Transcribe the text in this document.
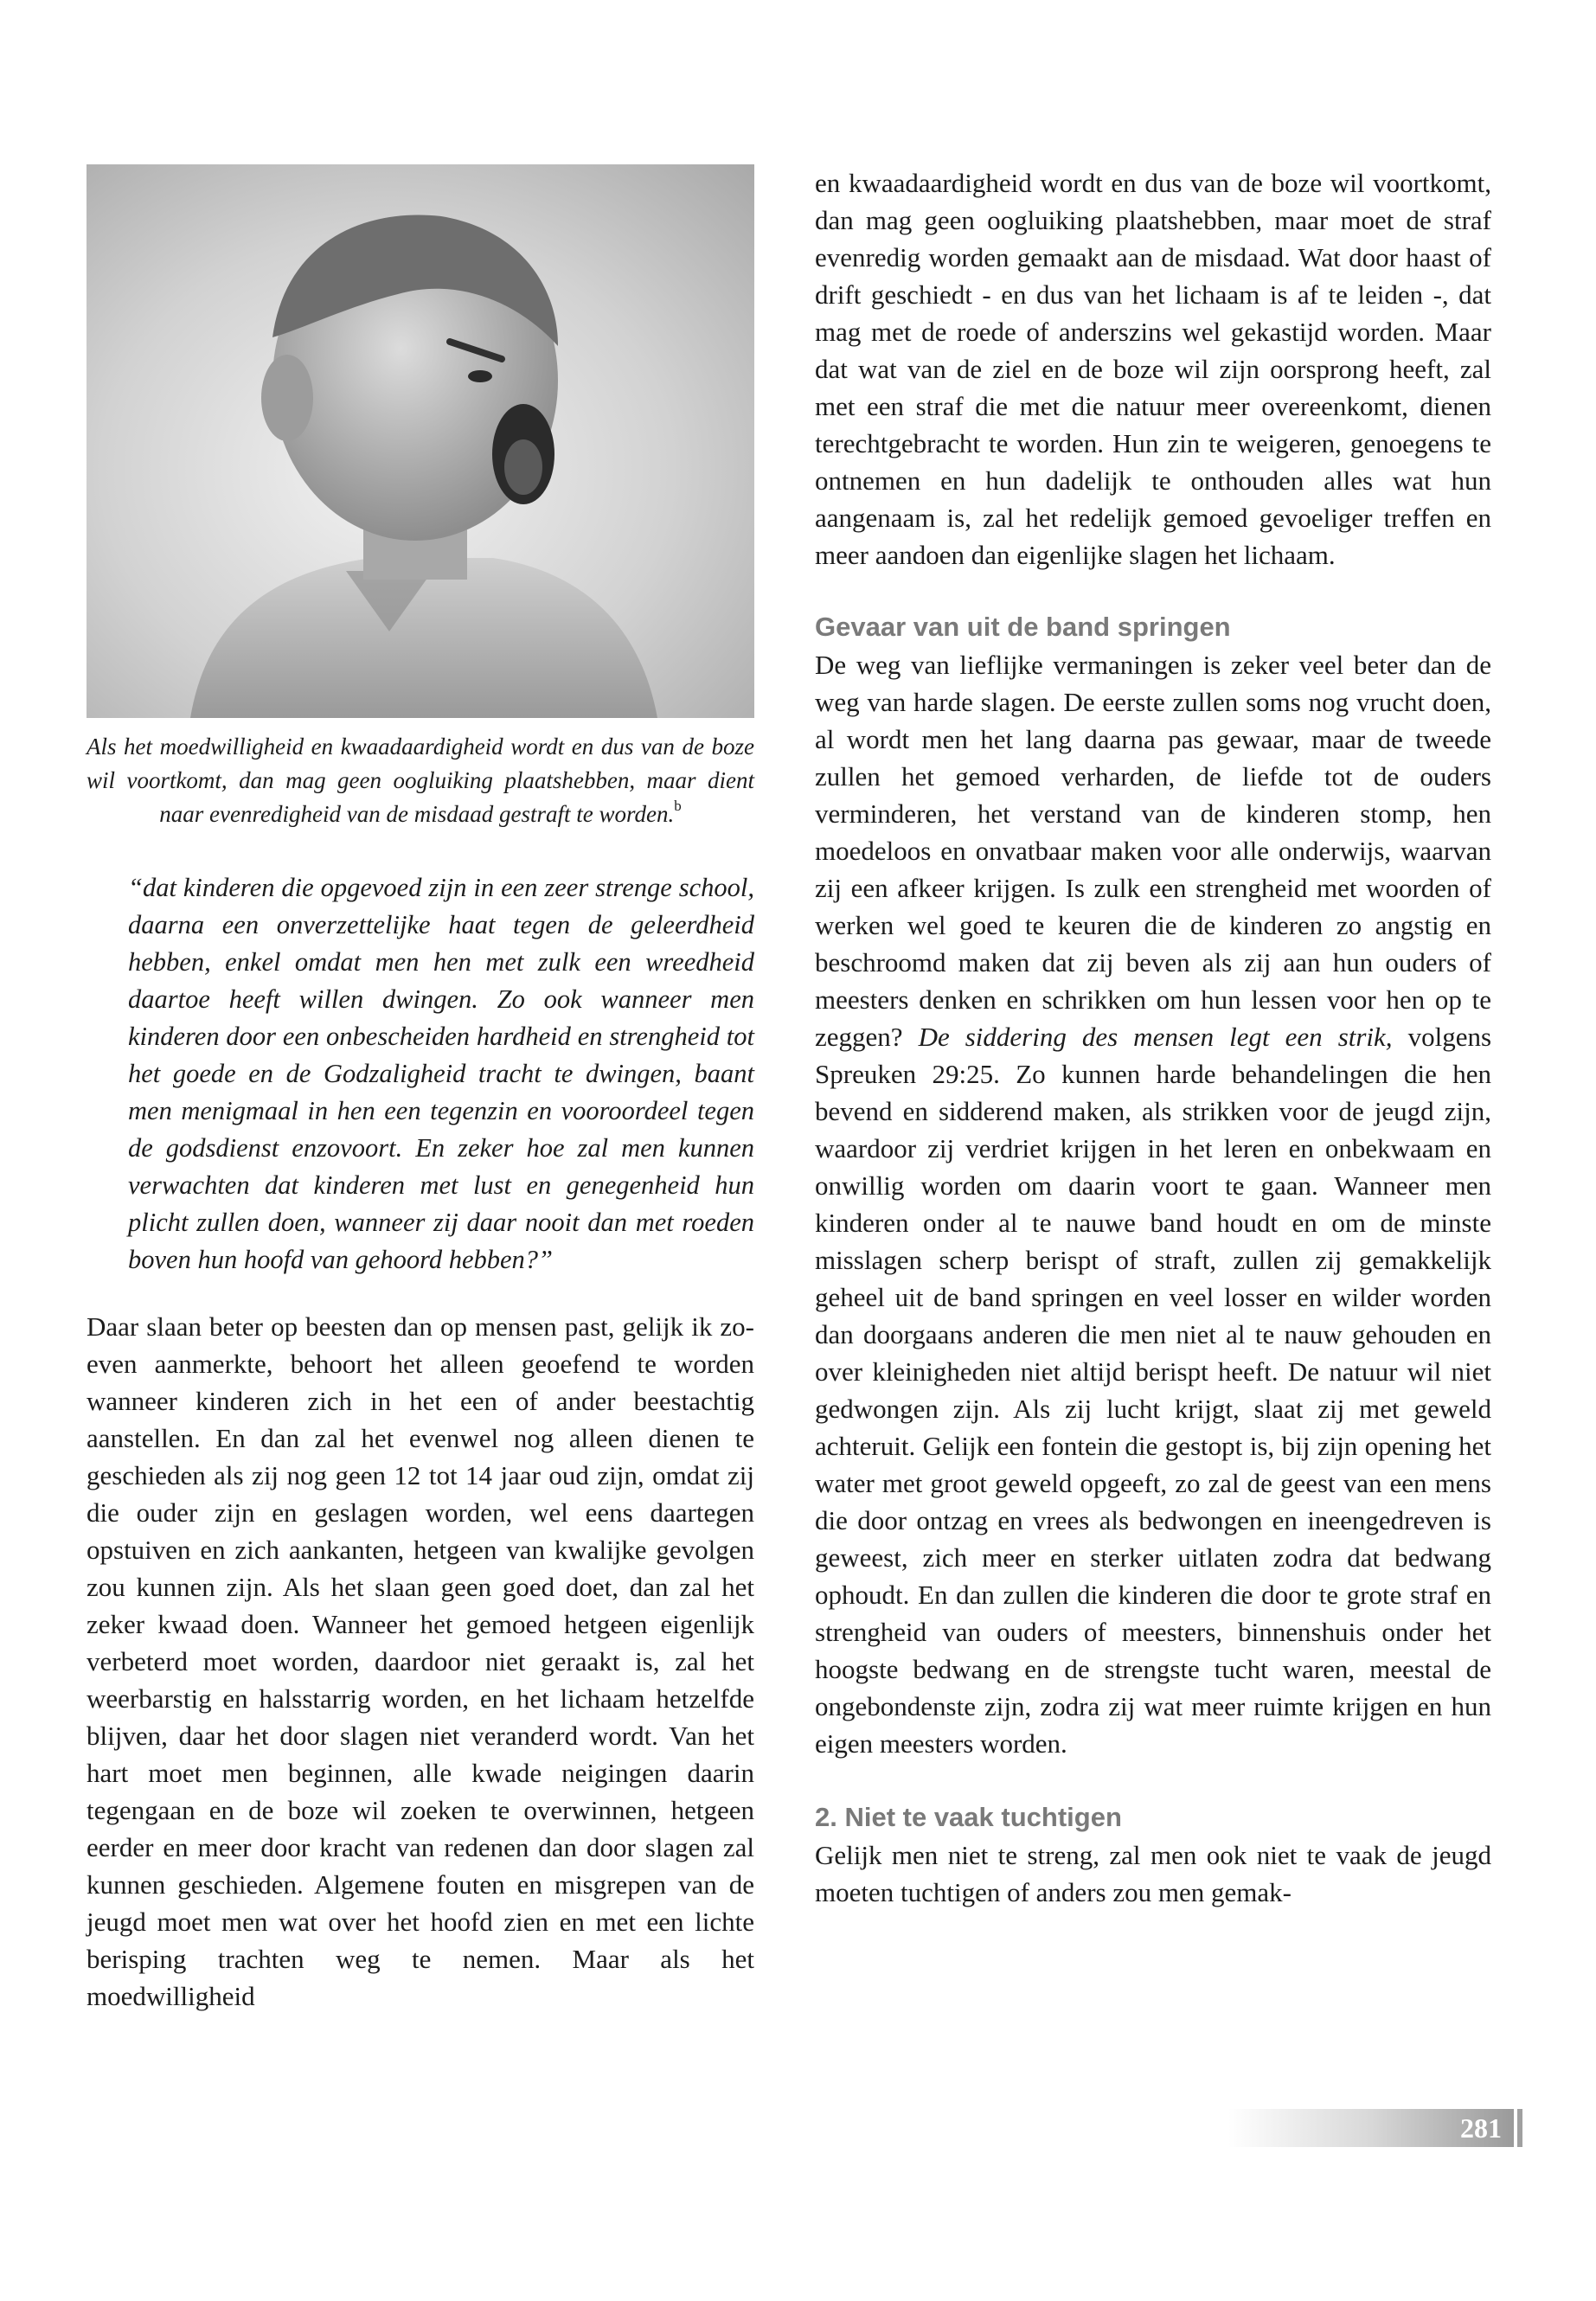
Als het moedwilligheid en kwaadaardigheid wordt en dus van de boze wil voortkomt, dan mag geen oogluiking plaatshebben, maar dient naar evenredigheid van de misdaad gestraft te worden.$^b$

“dat kinderen die opgevoed zijn in een zeer strenge school, daarna een onverzettelijke haat tegen de geleerdheid hebben, enkel omdat men hen met zulk een wreedheid daartoe heeft willen dwingen. Zo ook wanneer men kinderen door een onbescheiden hardheid en strengheid tot het goede en de Godzaligheid tracht te dwingen, baant men menigmaal in hen een tegenzin en vooroordeel tegen de godsdienst enzovoort. En zeker hoe zal men kunnen verwachten dat kinderen met lust en genegenheid hun plicht zullen doen, wanneer zij daar nooit dan met roeden boven hun hoofd van gehoord hebben?”

Daar slaan beter op beesten dan op mensen past, gelijk ik zo-even aanmerkte, behoort het alleen geoefend te worden wanneer kinderen zich in het een of ander beestachtig aanstellen. En dan zal het evenwel nog alleen dienen te geschieden als zij nog geen 12 tot 14 jaar oud zijn, omdat zij die ouder zijn en geslagen worden, wel eens daartegen opstuiven en zich aankanten, hetgeen van kwalijke gevolgen zou kunnen zijn. Als het slaan geen goed doet, dan zal het zeker kwaad doen. Wanneer het gemoed hetgeen eigenlijk verbeterd moet worden, daardoor niet geraakt is, zal het weerbarstig en halsstarrig worden, en het lichaam hetzelfde blijven, daar het door slagen niet veranderd wordt. Van het hart moet men beginnen, alle kwade neigingen daarin tegengaan en de boze wil zoeken te overwinnen, hetgeen eerder en meer door kracht van redenen dan door slagen zal kunnen geschieden. Algemene fouten en misgrepen van de jeugd moet men wat over het hoofd zien en met een lichte berisping trachten weg te nemen. Maar als het moedwilligheid

en kwaadaardigheid wordt en dus van de boze wil voortkomt, dan mag geen oogluiking plaatshebben, maar moet de straf evenredig worden gemaakt aan de misdaad. Wat door haast of drift geschiedt - en dus van het lichaam is af te leiden -, dat mag met de roede of anderszins wel gekastijd worden. Maar dat wat van de ziel en de boze wil zijn oorsprong heeft, zal met een straf die met die natuur meer overeenkomt, dienen terechtgebracht te worden. Hun zin te weigeren, genoegens te ontnemen en hun dadelijk te onthouden alles wat hun aangenaam is, zal het redelijk gemoed gevoeliger treffen en meer aandoen dan eigenlijke slagen het lichaam.

Gevaar van uit de band springen

De weg van lieflijke vermaningen is zeker veel beter dan de weg van harde slagen. De eerste zullen soms nog vrucht doen, al wordt men het lang daarna pas gewaar, maar de tweede zullen het gemoed verharden, de liefde tot de ouders verminderen, het verstand van de kinderen stomp, hen moedeloos en onvatbaar maken voor alle onderwijs, waarvan zij een afkeer krijgen. Is zulk een strengheid met woorden of werken wel goed te keuren die de kinderen zo angstig en beschroomd maken dat zij beven als zij aan hun ouders of meesters denken en schrikken om hun lessen voor hen op te zeggen? De siddering des mensen legt een strik, volgens Spreuken 29:25. Zo kunnen harde behandelingen die hen bevend en sidderend maken, als strikken voor de jeugd zijn, waardoor zij verdriet krijgen in het leren en onbekwaam en onwillig worden om daarin voort te gaan. Wanneer men kinderen onder al te nauwe band houdt en om de minste misslagen scherp berispt of straft, zullen zij gemakkelijk geheel uit de band springen en veel losser en wilder worden dan doorgaans anderen die men niet al te nauw gehouden en over kleinigheden niet altijd berispt heeft. De natuur wil niet gedwongen zijn. Als zij lucht krijgt, slaat zij met geweld achteruit. Gelijk een fontein die gestopt is, bij zijn opening het water met groot geweld opgeeft, zo zal de geest van een mens die door ontzag en vrees als bedwongen en ineengedreven is geweest, zich meer en sterker uitlaten zodra dat bedwang ophoudt. En dan zullen die kinderen die door te grote straf en strengheid van ouders of meesters, binnenshuis onder het hoogste bedwang en de strengste tucht waren, meestal de ongebondenste zijn, zodra zij wat meer ruimte krijgen en hun eigen meesters worden.

2. Niet te vaak tuchtigen

Gelijk men niet te streng, zal men ook niet te vaak de jeugd moeten tuchtigen of anders zou men gemak-

281
